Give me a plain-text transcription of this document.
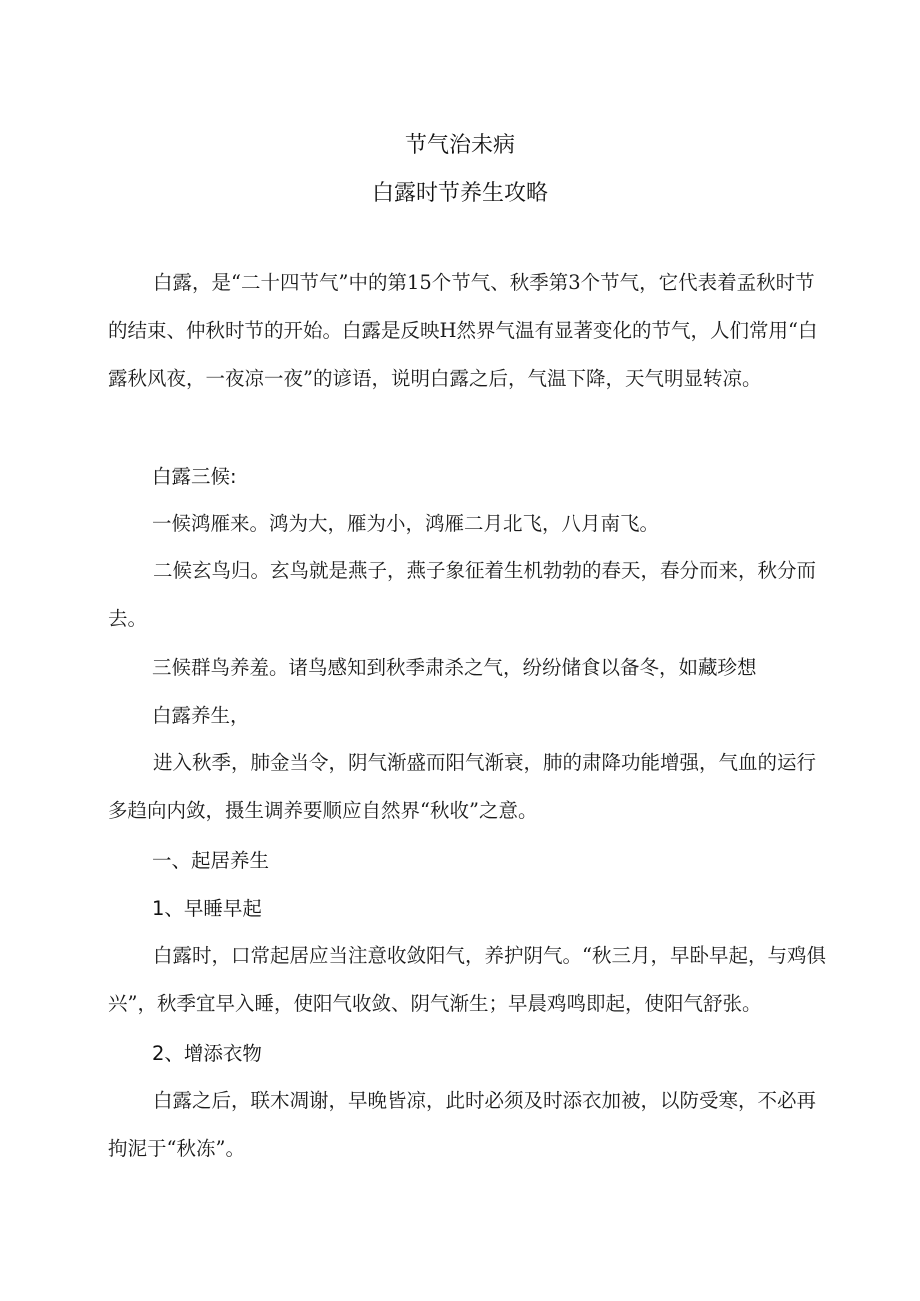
节气治未病
白露时节养生攻略
白露，是“二十四节气”中的第15个节气、秋季第3个节气，它代表着孟秋时节的结束、仲秋时节的开始。白露是反映H然界气温有显著变化的节气，人们常用“白露秋风夜，一夜凉一夜”的谚语，说明白露之后，气温下降，天气明显转凉。
白露三候:
一候鸿雁来。鸿为大，雁为小，鸿雁二月北飞，八月南飞。
二候玄鸟归。玄鸟就是燕子，燕子象征着生机勃勃的春天，春分而来，秋分而去。
三候群鸟养羞。诸鸟感知到秋季肃杀之气，纷纷储食以备冬，如藏珍想
白露养生，
进入秋季，肺金当令，阴气渐盛而阳气渐衰，肺的肃降功能增强，气血的运行多趋向内敛，摄生调养要顺应自然界“秋收”之意。
一、起居养生
1、早睡早起
白露时，口常起居应当注意收敛阳气，养护阴气。“秋三月，早卧早起，与鸡俱兴”，秋季宜早入睡，使阳气收敛、阴气渐生；早晨鸡鸣即起，使阳气舒张。
2、增添衣物
白露之后，联木凋谢，早晚皆凉，此时必须及时添衣加被，以防受寒，不必再拘泥于“秋冻”。
